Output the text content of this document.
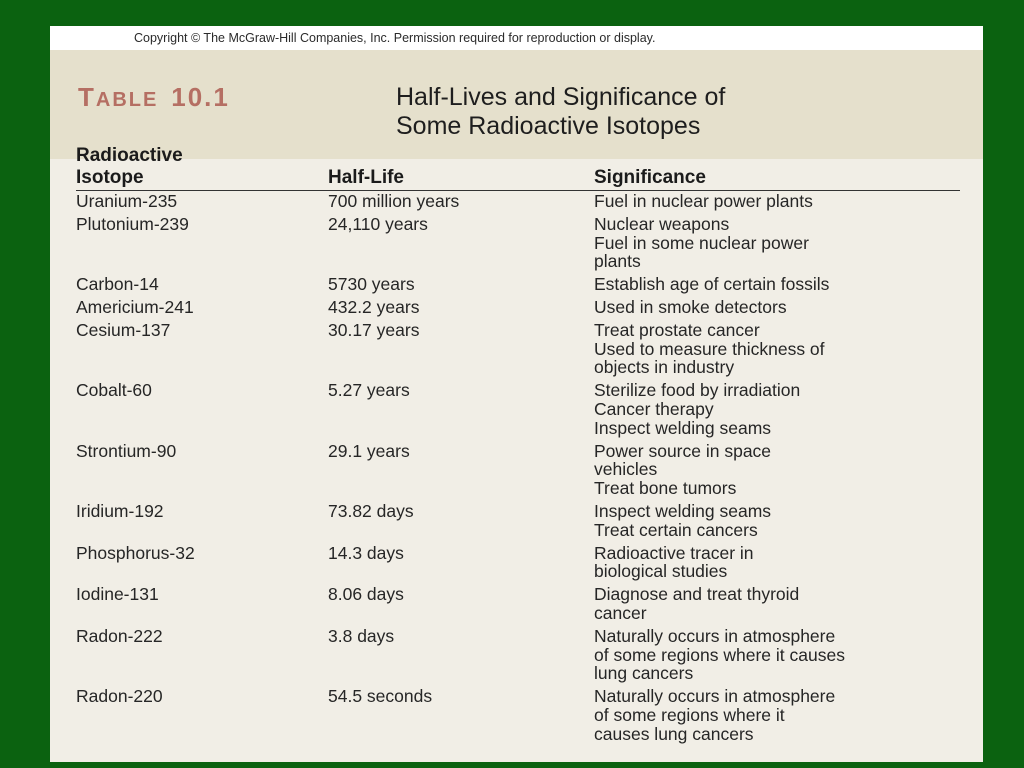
Copyright © The McGraw-Hill Companies, Inc. Permission required for reproduction or display.
TABLE 10.1	Half-Lives and Significance of
Some Radioactive Isotopes
Radioactive
Isotope	Half-Life	Significance
Uranium-235	700 million years	Fuel in nuclear power plants
Plutonium-239	24,110 years	Nuclear weapons
Fuel in some nuclear power
plants
Carbon-14	5730 years	Establish age of certain fossils
Americium-241	432.2 years	Used in smoke detectors
Cesium-137	30.17 years	Treat prostate cancer
Used to measure thickness of
objects in industry
Cobalt-60	5.27 years	Sterilize food by irradiation
Cancer therapy
Inspect welding seams
Strontium-90	29.1 years	Power source in space
vehicles
Treat bone tumors
Iridium-192	73.82 days	Inspect welding seams
Treat certain cancers
Phosphorus-32	14.3 days	Radioactive tracer in
biological studies
Iodine-131	8.06 days	Diagnose and treat thyroid
cancer
Radon-222	3.8 days	Naturally occurs in atmosphere
of some regions where it causes
lung cancers
Radon-220	54.5 seconds	Naturally occurs in atmosphere
of some regions where it
causes lung cancers
